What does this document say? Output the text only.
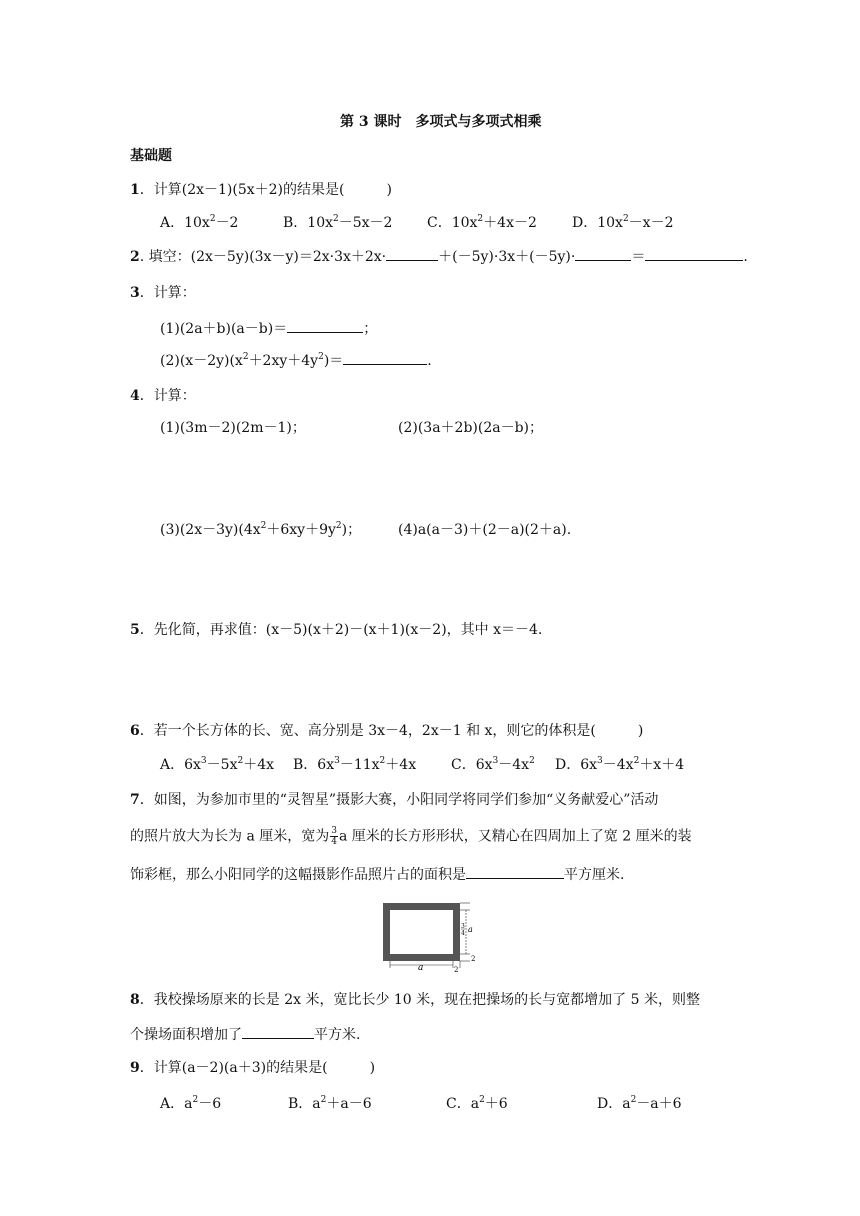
第 3 课时　多项式与多项式相乘
基础题
1．计算(2x－1)(5x＋2)的结果是(　　　)
A．$10x^2-2$	B．$10x^2-5x-2$ C．$10x^2+4x-2$	D．$10x^2-x-2$
2. 填空：(2x－5y)(3x－y)＝2x·3x＋2x·	＋(－5y)·3x＋(－5y)·	＝	.
3．计算：
(1)(2a＋b)(a－b)＝	；
$(2)(x-2y)(x^2+2xy+4y^2)=$	.
4．计算：
(1)(3m－2)(2m－1)；	(2)(3a＋2b)(2a－b)；
$(3)(2x-3y)(4x^2+6xy+9y^2)$；	(4)a(a－3)＋(2－a)(2＋a).
5．先化简，再求值：(x－5)(x＋2)－(x＋1)(x－2)，其中 x＝－4.
6．若一个长方体的长、宽、高分别是 3x－4，2x－1 和 x，则它的体积是(　　　)
A．$6x^3-5x^2+4x$ B．$6x^3-11x^2+4x$ C．$6x^3-4x^2$ D．$6x^3-4x^2+x+4$
7．如图，为参加市里的“灵智星”摄影大赛，小阳同学将同学们参加“义务献爱心”活动
的照片放大为长为 a 厘米，宽为 $\frac{3}{4}$ a 厘米的长方形形状，又精心在四周加上了宽 2 厘米的装
饰彩框，那么小阳同学的这幅摄影作品照片占的面积是	平方厘米.
a	2
2
3
4 a
8．我校操场原来的长是 2x 米，宽比长少 10 米，现在把操场的长与宽都增加了 5 米，则整
个操场面积增加了	平方米.
9．计算(a－2)(a＋3)的结果是(　　　)
A．$a^2-6$	B．$a^2+a-6$	C．$a^2+6$	D．$a^2-a+6$
